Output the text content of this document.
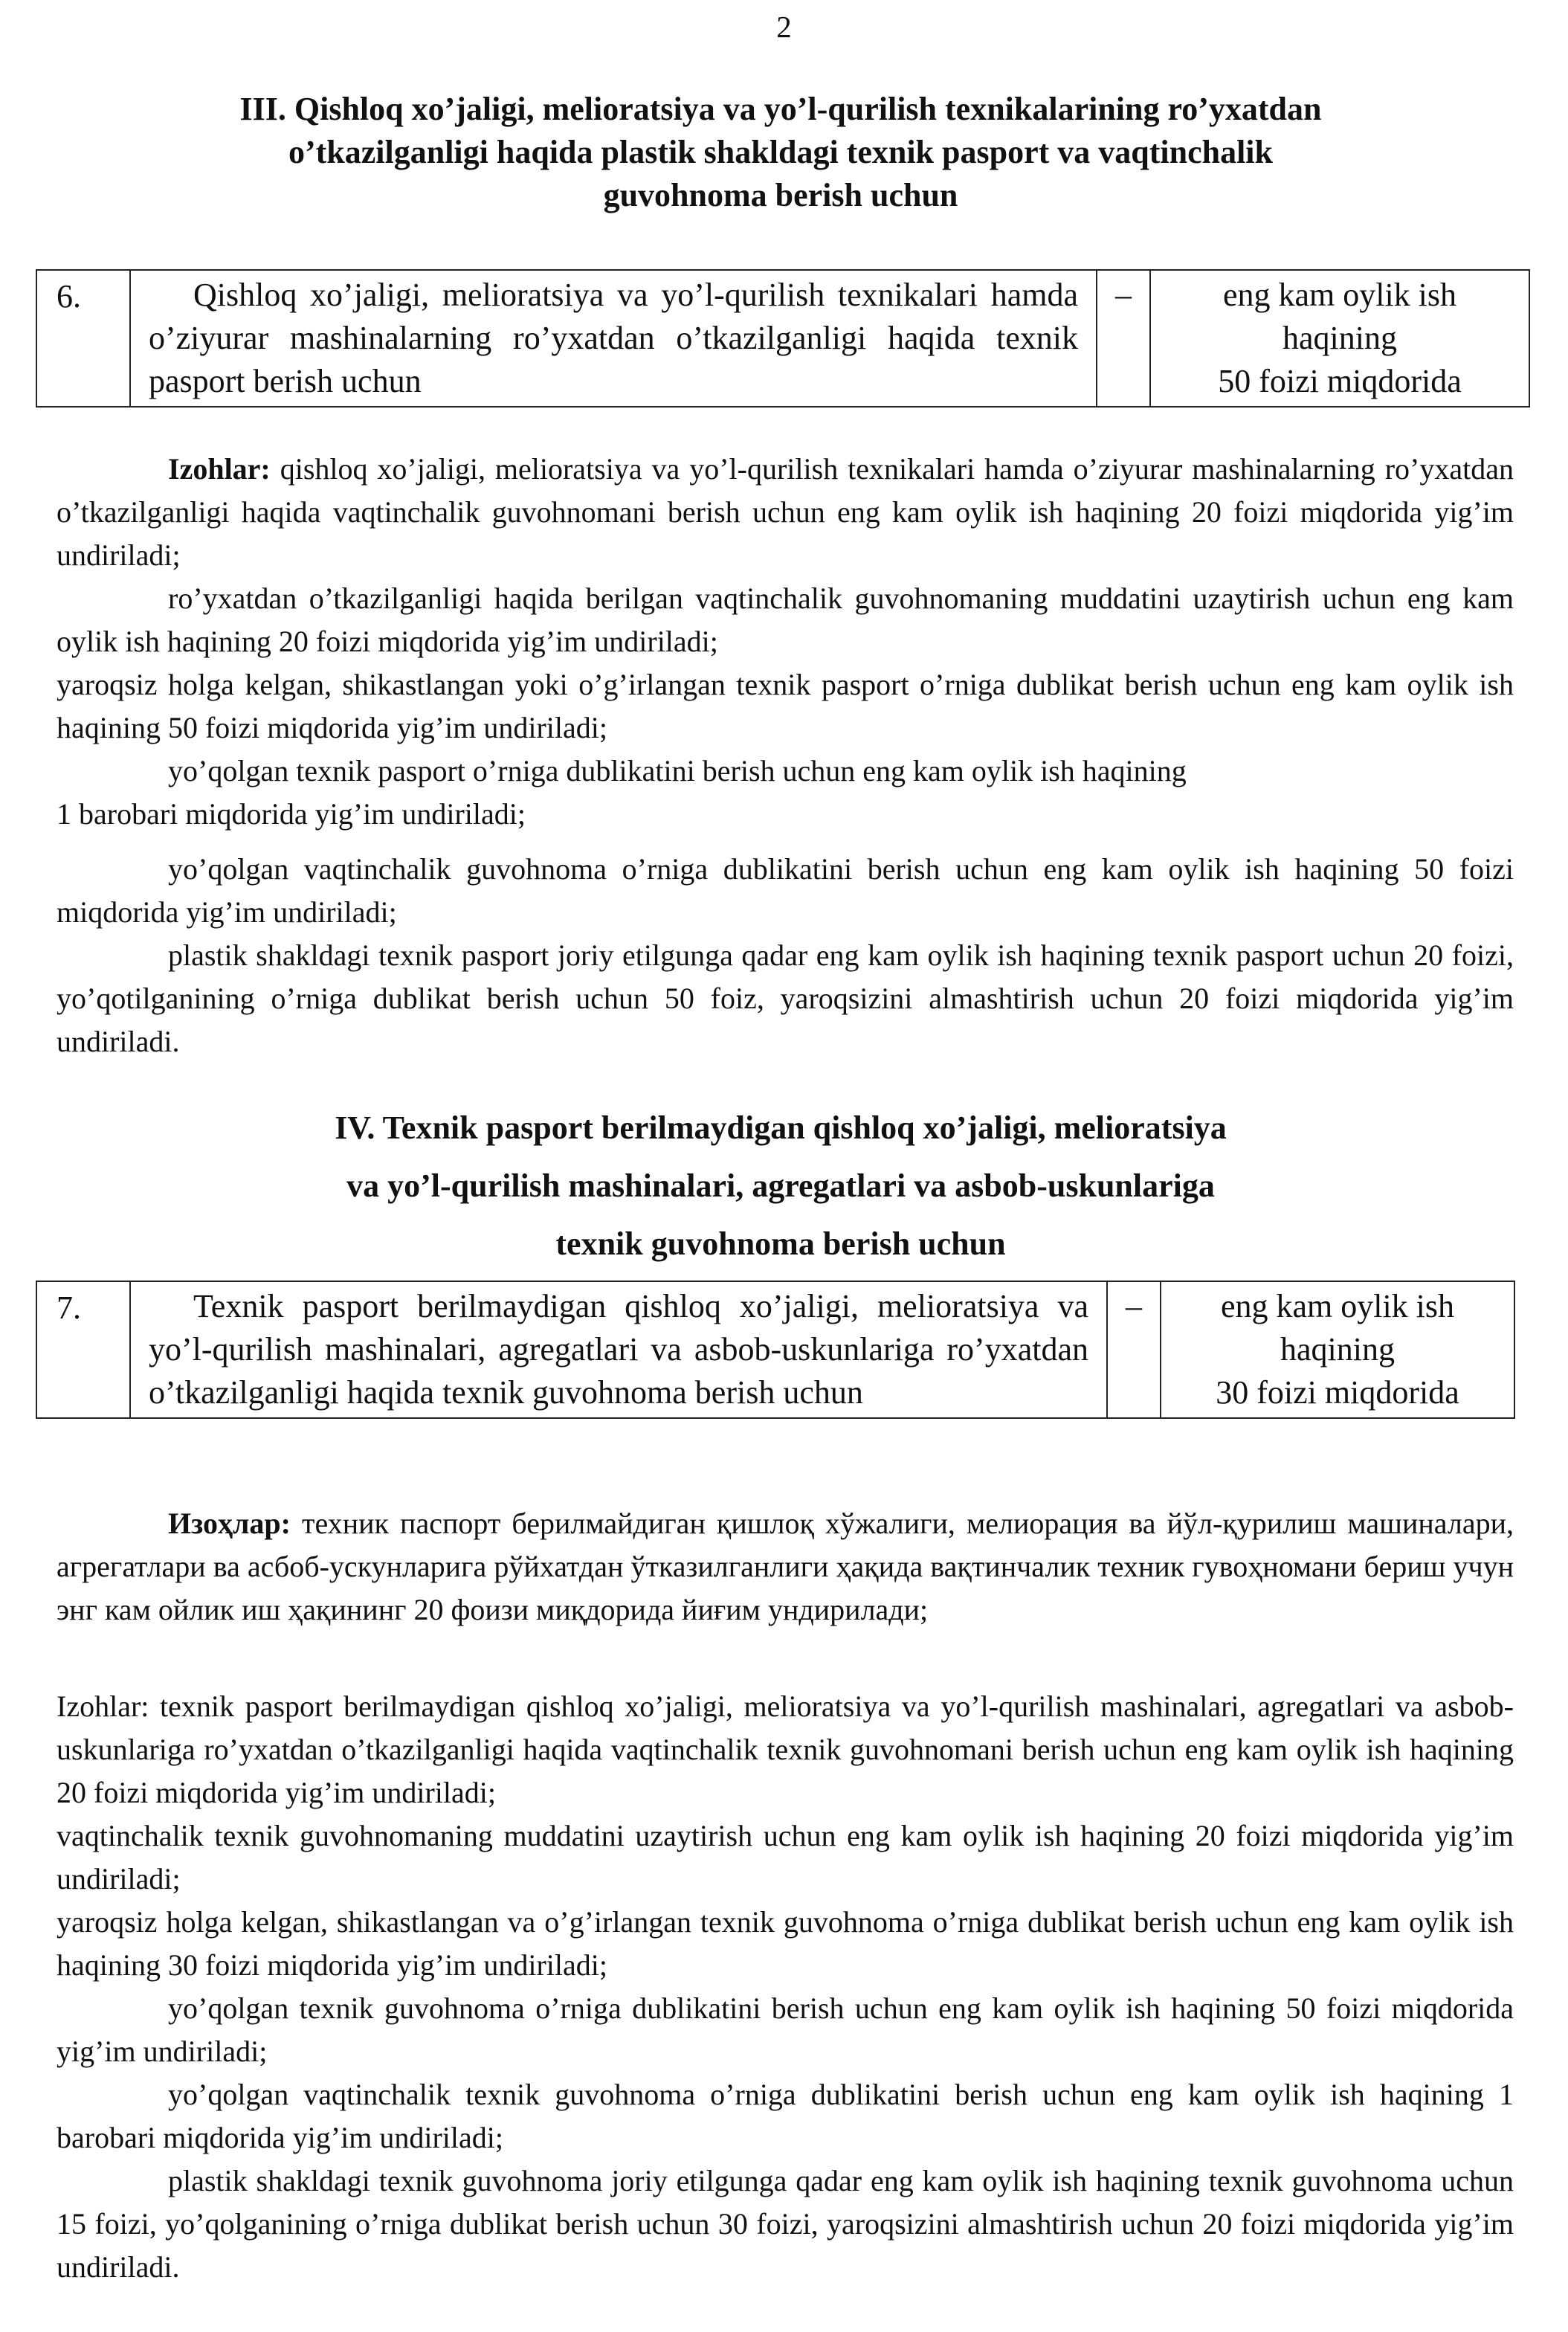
2
III. Qishloq xo’jaligi, melioratsiya va yo’l-qurilish texnikalarining ro’yxatdan
o’tkazilganligi haqida plastik shakldagi texnik pasport va vaqtinchalik
guvohnoma berish uchun
6.	Qishloq xo’jaligi, melioratsiya va yo’l-qurilish texnikalari hamda o’ziyurar mashinalarning ro’yxatdan o’tkazilganligi haqida texnik pasport berish uchun	–	eng kam oylik ish
haqining
50 foizi miqdorida
Izohlar: qishloq xo’jaligi, melioratsiya va yo’l-qurilish texnikalari hamda o’ziyurar mashinalarning ro’yxatdan o’tkazilganligi haqida vaqtinchalik guvohnomani berish uchun eng kam oylik ish haqining 20 foizi miqdorida yig’im undiriladi;
ro’yxatdan o’tkazilganligi haqida berilgan vaqtinchalik guvohnomaning muddatini uzaytirish uchun eng kam oylik ish haqining 20 foizi miqdorida yig’im undiriladi;
yaroqsiz holga kelgan, shikastlangan yoki o’g’irlangan texnik pasport o’rniga dublikat berish uchun eng kam oylik ish haqining 50 foizi miqdorida yig’im undiriladi;
yo’qolgan texnik pasport o’rniga dublikatini berish uchun eng kam oylik ish haqining
1 barobari miqdorida yig’im undiriladi;
yo’qolgan vaqtinchalik guvohnoma o’rniga dublikatini berish uchun eng kam oylik ish haqining 50 foizi miqdorida yig’im undiriladi;
plastik shakldagi texnik pasport joriy etilgunga qadar eng kam oylik ish haqining texnik pasport uchun 20 foizi, yo’qotilganining o’rniga dublikat berish uchun 50 foiz, yaroqsizini almashtirish uchun 20 foizi miqdorida yig’im undiriladi.
IV. Texnik pasport berilmaydigan qishloq xo’jaligi, melioratsiya
va yo’l-qurilish mashinalari, agregatlari va asbob-uskunlariga
texnik guvohnoma berish uchun
7.	Texnik pasport berilmaydigan qishloq xo’jaligi, melioratsiya va yo’l-qurilish mashinalari, agregatlari va asbob-uskunlariga ro’yxatdan o’tkazilganligi haqida texnik guvohnoma berish uchun	–	eng kam oylik ish
haqining
30 foizi miqdorida
Изоҳлар: техник паспорт берилмайдиган қишлоқ хўжалиги, мелиорация ва йўл-қурилиш машиналари, агрегатлари ва асбоб-ускунларига рўйхатдан ўтказилганлиги ҳақида вақтинчалик техник гувоҳномани бериш учун энг кам ойлик иш ҳақининг 20 фоизи миқдорида йиғим ундирилади;
Izohlar: texnik pasport berilmaydigan qishloq xo’jaligi, melioratsiya va yo’l-qurilish mashinalari, agregatlari va asbob-uskunlariga ro’yxatdan o’tkazilganligi haqida vaqtinchalik texnik guvohnomani berish uchun eng kam oylik ish haqining 20 foizi miqdorida yig’im undiriladi;
vaqtinchalik texnik guvohnomaning muddatini uzaytirish uchun eng kam oylik ish haqining 20 foizi miqdorida yig’im undiriladi;
yaroqsiz holga kelgan, shikastlangan va o’g’irlangan texnik guvohnoma o’rniga dublikat berish uchun eng kam oylik ish haqining 30 foizi miqdorida yig’im undiriladi;
yo’qolgan texnik guvohnoma o’rniga dublikatini berish uchun eng kam oylik ish haqining 50 foizi miqdorida yig’im undiriladi;
yo’qolgan vaqtinchalik texnik guvohnoma o’rniga dublikatini berish uchun eng kam oylik ish haqining 1 barobari miqdorida yig’im undiriladi;
plastik shakldagi texnik guvohnoma joriy etilgunga qadar eng kam oylik ish haqining texnik guvohnoma uchun 15 foizi, yo’qolganining o’rniga dublikat berish uchun 30 foizi, yaroqsizini almashtirish uchun 20 foizi miqdorida yig’im undiriladi.
